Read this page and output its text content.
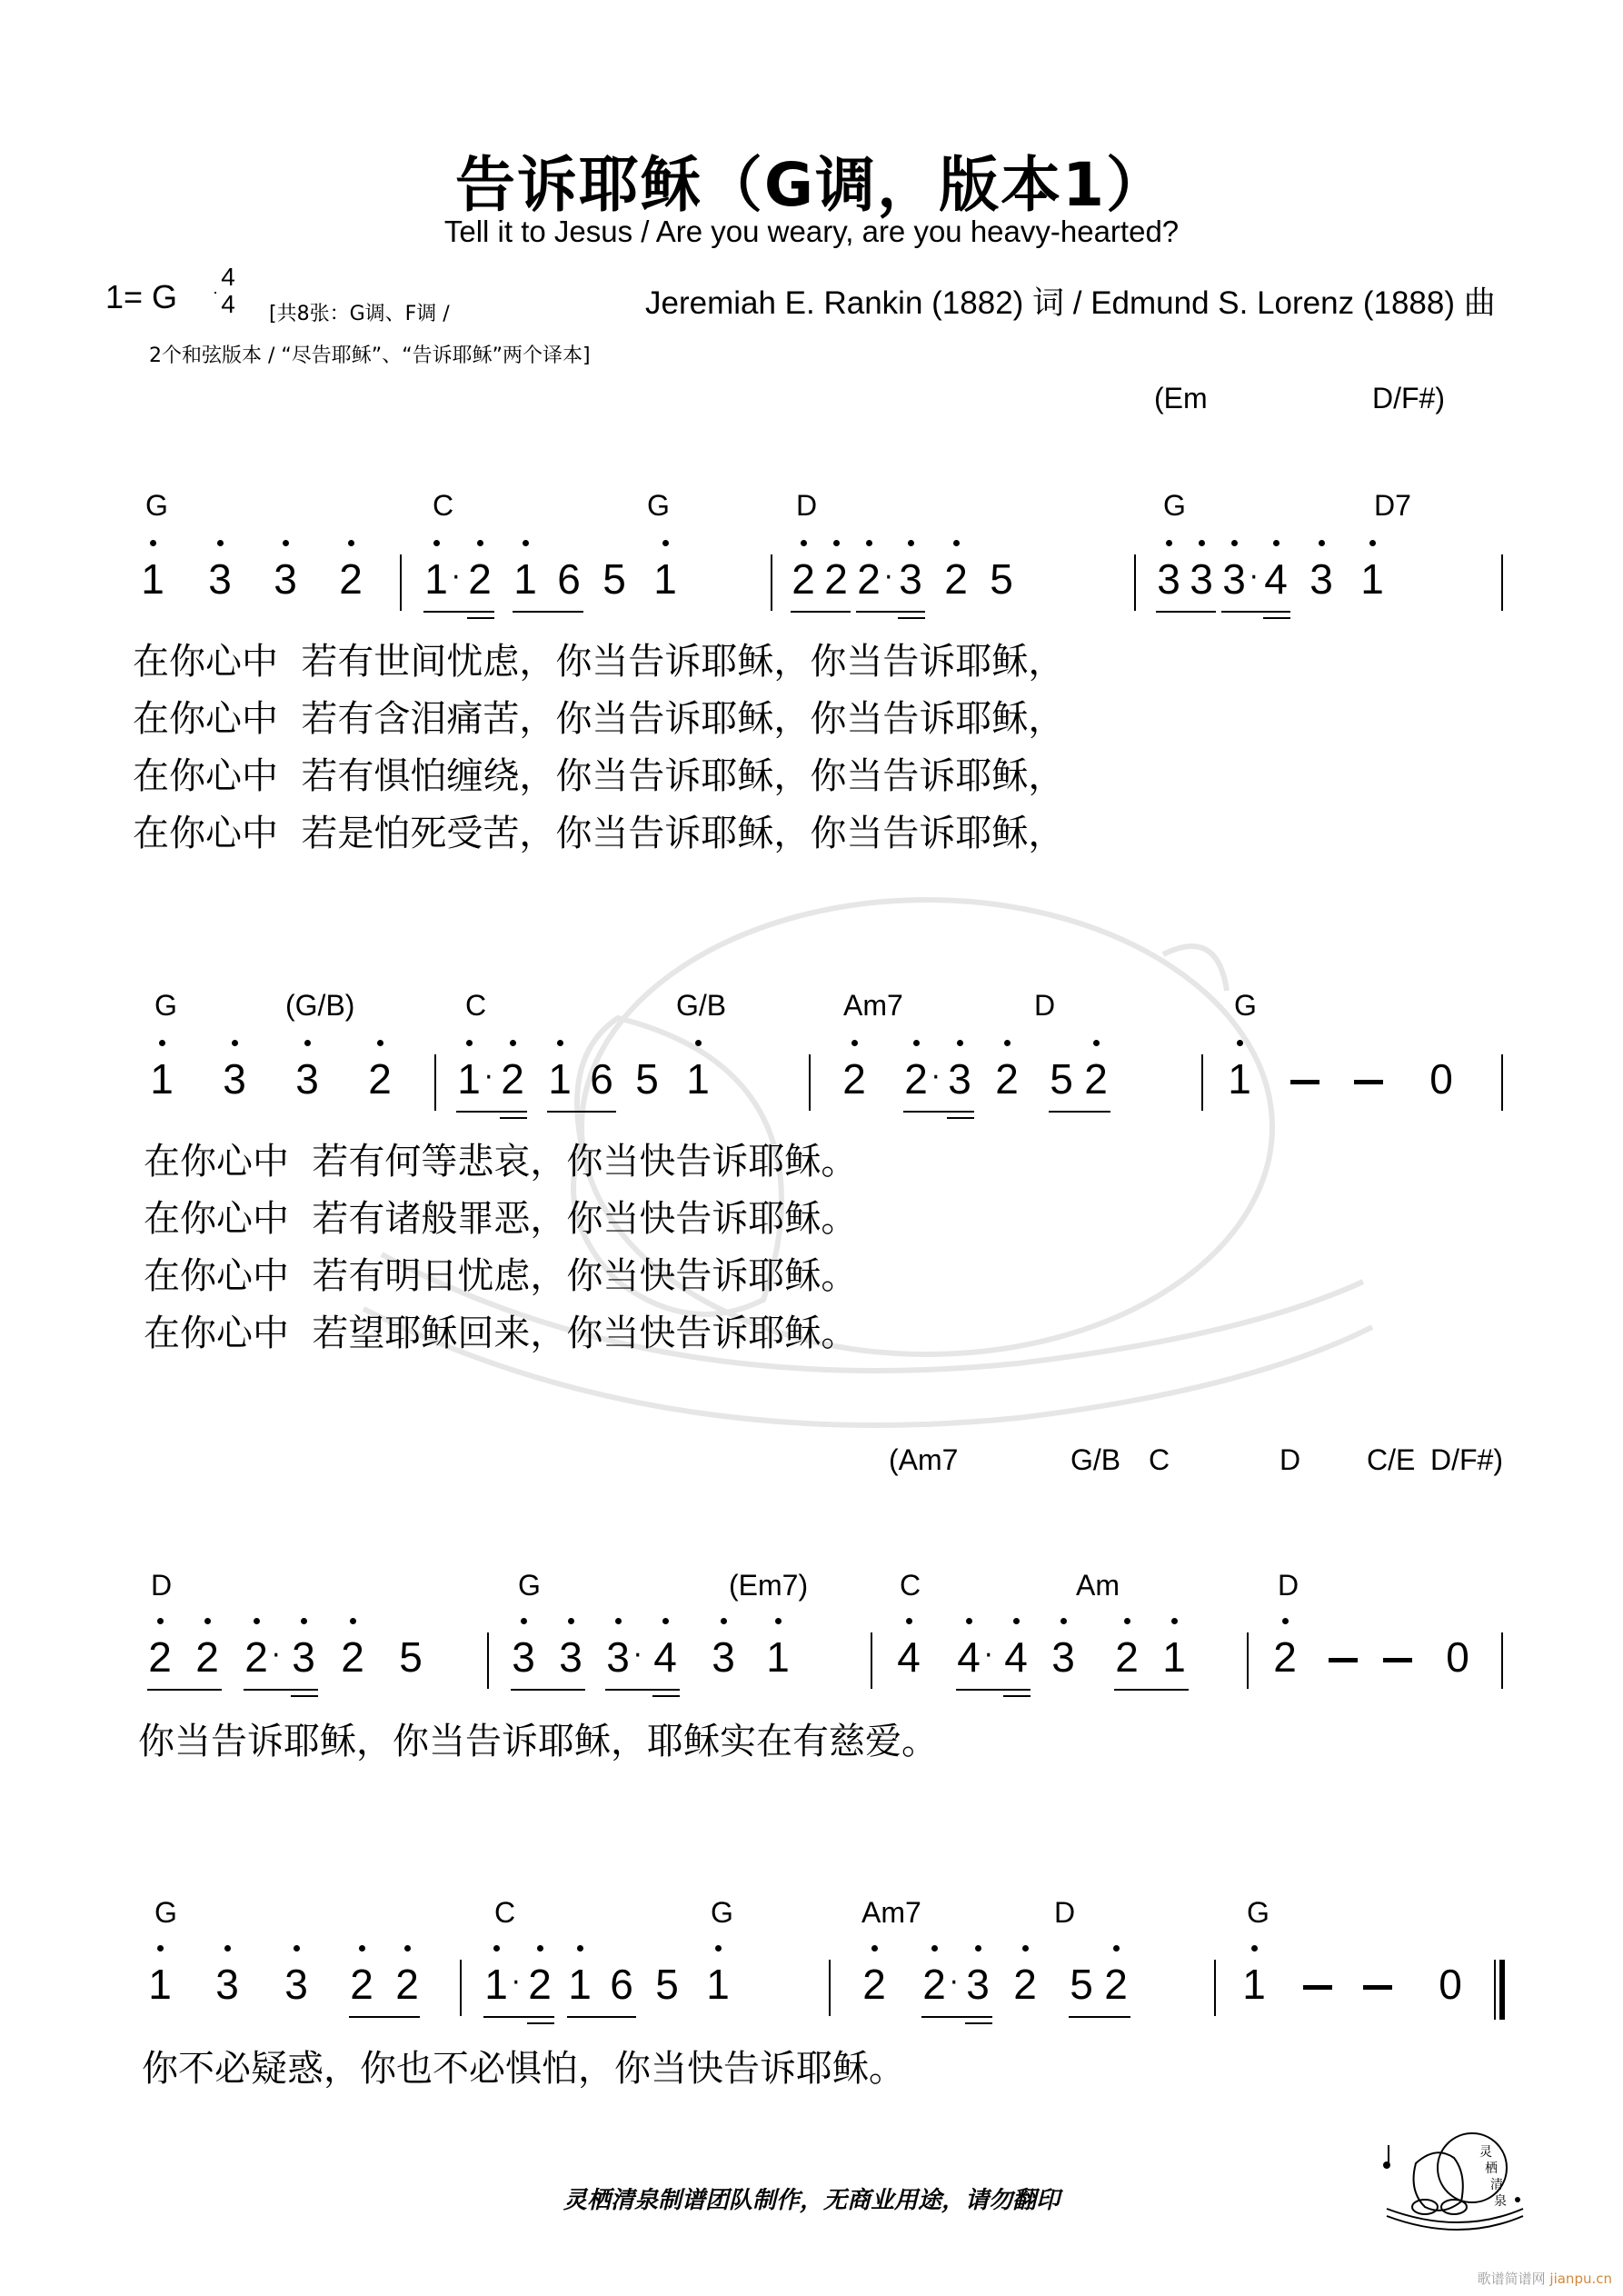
告诉耶稣（G调，版本1）
Tell it to Jesus / Are you weary, are you heavy-hearted?
1= G
4
4	[共8张：G调、F调 /
2个和弦版本 / “尽告耶稣”、“告诉耶稣”两个译本]
Jeremiah E. Rankin (1882) 词 / Edmund S. Lorenz (1888) 曲
(Em	D/F#)
G	C	G	D	G	D7
1 3 3 2 1 · 2 1 6 5 1	2 2 2 · 3 2 5	3 3 3 · 4 3 1
在你心中  若有世间忧虑，你当告诉耶稣，你当告诉耶稣，
在你心中  若有含泪痛苦，你当告诉耶稣，你当告诉耶稣，
在你心中  若有惧怕缠绕，你当告诉耶稣，你当告诉耶稣，
在你心中  若是怕死受苦，你当告诉耶稣，你当告诉耶稣，
G	(G/B)	C	G/B	Am7	D	G
1 3 3 2 1 · 2 1 6 5 1	2 2 · 3 2 5 2	1	0
在你心中  若有何等悲哀，你当快告诉耶稣。
在你心中  若有诸般罪恶，你当快告诉耶稣。
在你心中  若有明日忧虑，你当快告诉耶稣。
在你心中  若望耶稣回来，你当快告诉耶稣。
(Am7	G/B C	D C/E D/F#)
D	G	(Em7)	C	Am	D
2 2 2 · 3 2 5 3 3 3 · 4 3 1	4 4 · 4 3 2 1 2	0
你当告诉耶稣，你当告诉耶稣，耶稣实在有慈爱。
G	C	G	Am7	D	G
1 3 3 2 2 1 · 2 1 6 5 1	2 2 · 3 2 5 2	1	0
你不必疑惑，你也不必惧怕，你当快告诉耶稣。
灵栖清泉制谱团队制作，无商业用途，请勿翻印
灵
栖
清
泉
歌谱简谱网 jianpu.cn
